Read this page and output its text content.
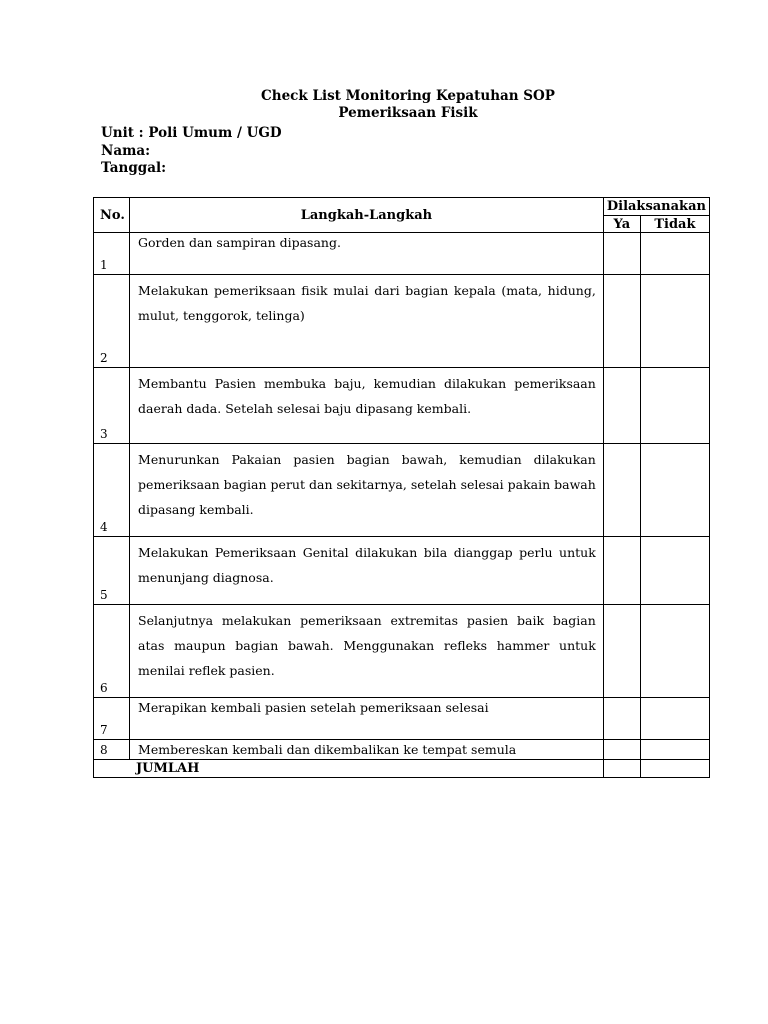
Check List Monitoring Kepatuhan SOP
Pemeriksaan Fisik
Unit : Poli Umum / UGD
Nama:
Tanggal:
No.	Langkah-Langkah	Dilaksanakan	
		Ya	Tidak
1	Gorden dan sampiran dipasang.		
2	Melakukan pemeriksaan fisik mulai dari bagian kepala (mata, hidung, mulut, tenggorok, telinga)		
3	Membantu Pasien membuka baju, kemudian dilakukan pemeriksaan daerah dada. Setelah selesai baju dipasang kembali.		
4	Menurunkan Pakaian pasien bagian bawah, kemudian dilakukan pemeriksaan bagian perut dan sekitarnya, setelah selesai pakain bawah dipasang kembali.		
5	Melakukan Pemeriksaan Genital dilakukan bila dianggap perlu untuk menunjang diagnosa.		
6	Selanjutnya melakukan pemeriksaan extremitas pasien baik bagian atas maupun bagian bawah. Menggunakan refleks hammer untuk menilai reflek pasien.		
7	Merapikan kembali pasien setelah pemeriksaan selesai		
8	Membereskan kembali dan dikembalikan ke tempat semula		
JUMLAH			
